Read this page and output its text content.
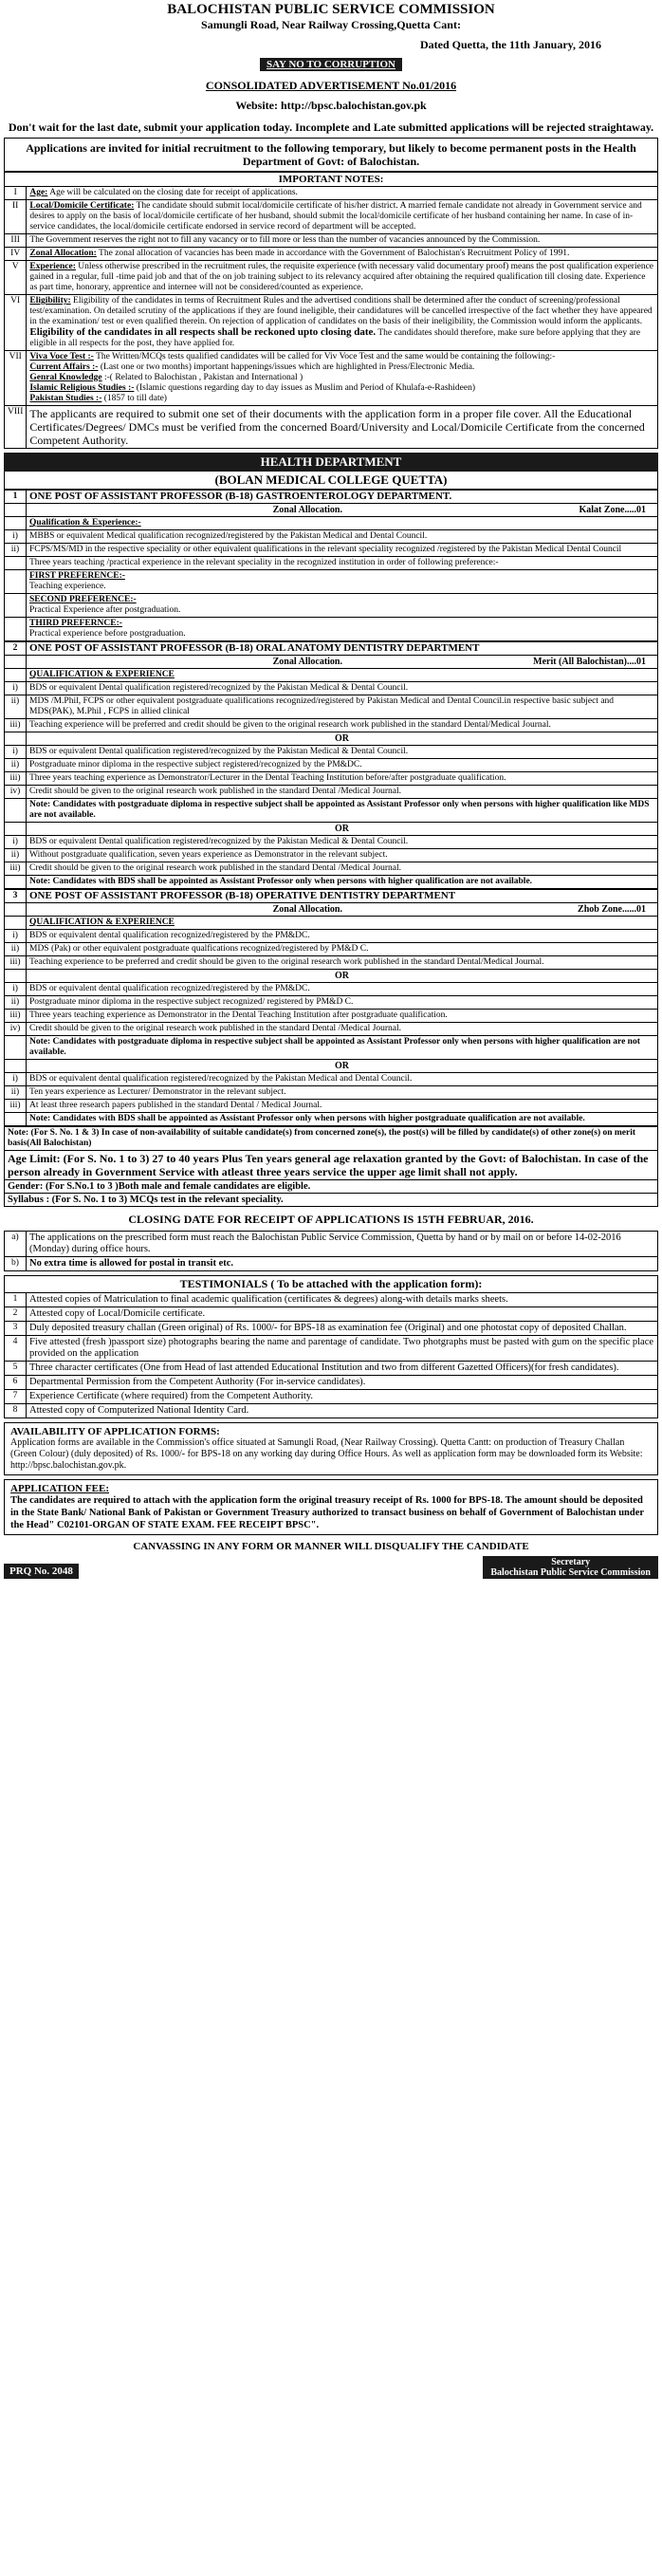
BALOCHISTAN PUBLIC SERVICE COMMISSION
Samungli Road, Near Railway Crossing,Quetta Cant:
Dated Quetta, the 11th January, 2016
SAY NO TO CORRUPTION
CONSOLIDATED ADVERTISEMENT No.01/2016
Website: http://bpsc.balochistan.gov.pk
Don't wait for the last date, submit your application today. Incomplete and Late submitted applications will be rejected straightaway.
Applications are invited for initial recruitment to the following temporary, but likely to become permanent posts in the Health Department of Govt: of Balochistan.
IMPORTANT NOTES:
I	Age: Age will be calculated on the closing date for receipt of applications.
II	Local/Domicile Certificate: The candidate should submit local/domicile certificate of his/her district. A married female candidate not already in Government service and desires to apply on the basis of local/domicile certificate of her husband, should submit the local/domicile certificate of her husband containing her name. In case of in-service candidates, the local/domicile certificate endorsed in service record of department will be accepted.
III	The Government reserves the right not to fill any vacancy or to fill more or less than the number of vacancies announced by the Commission.
IV	Zonal Allocation: The zonal allocation of vacancies has been made in accordance with the Government of Balochistan's Recruitment Policy of 1991.
V	Experience: Unless otherwise prescribed in the recruitment rules, the requisite experience (with necessary valid documentary proof) means the post qualification experience gained in a regular, full -time paid job and that of the on job training subject to its relevancy acquired after obtaining the required qualification till closing date. Experience as part time, honorary, apprentice and internee will not be considered/counted as experience.
VI	Eligibility: Eligibility of the candidates in terms of Recruitment Rules and the advertised conditions shall be determined after the conduct of screening/professional test/examination. On detailed scrutiny of the applications if they are found ineligible, their candidatures will be cancelled irrespective of the fact whether they have appeared in the examination/ test or even qualified therein. On rejection of application of candidates on the basis of their ineligibility, the Commission would inform the applicants. Eligibility of the candidates in all respects shall be reckoned upto closing date. The candidates should therefore, make sure before applying that they are eligible in all respects for the post, they have applied for.
VII	Viva Voce Test :- The Written/MCQs tests qualified candidates will be called for Viv Voce Test and the same would be containing the following:-
Current Affairs :- (Last one or two months) important happenings/issues which are highlighted in Press/Electronic Media.
Genral Knowledge :-( Related to Balochistan , Pakistan and International )
Islamic Religious Studies :- (Islamic questions regarding day to day issues as Muslim and Period of Khulafa-e-Rashideen)
Pakistan Studies :- (1857 to till date)

VIII	The applicants are required to submit one set of their documents with the application form in a proper file cover. All the Educational Certificates/Degrees/ DMCs must be verified from the concerned Board/University and Local/Domicile Certificate from the concerned Competent Authority.
HEALTH DEPARTMENT
(BOLAN MEDICAL COLLEGE QUETTA)
1	ONE POST OF ASSISTANT PROFESSOR (B-18) GASTROENTEROLOGY DEPARTMENT.
	Zonal Allocation. Kalat Zone.....01
	Qualification & Experience:-
i)	MBBS or equivalent Medical qualification recognized/registered by the Pakistan Medical and Dental Council.

ii)	FCPS/MS/MD in the respective speciality or other equivalent qualifications in the relevant speciality recognized /registered by the Pakistan Medical Dental Council

	Three years teaching /practical experience in the relevant speciality in the recognized institution in order of following preference:-

	FIRST PREFERENCE:-
Teaching experience.

	SECOND PREFERENCE:-
Practical Experience after postgraduation.

	THIRD PREFERNCE:-
Practical experience before postgraduation.
2	ONE POST OF ASSISTANT PROFESSOR (B-18) ORAL ANATOMY DENTISTRY DEPARTMENT
	Zonal Allocation. Merit (All Balochistan)....01
	QUALIFICATION & EXPERIENCE
i)	BDS or equivalent Dental qualification registered/recognized by the Pakistan Medical & Dental Council.

ii)	MDS /M.Phil, FCPS or other equivalent postgraduate qualifications recognized/registered by Pakistan Medical and Dental Council.in respective basic subject and MDS(PAK), M.Phil , FCPS in allied clinical

iii)	Teaching experience will be preferred and credit should be given to the original research work published in the standard Dental/Medical Journal.

	OR
i)	BDS or equivalent Dental qualification registered/recognized by the Pakistan Medical & Dental Council.

ii)	Postgraduate minor diploma in the respective subject registered/recognized by the PM&DC.

iii)	Three years teaching experience as Demonstrator/Lecturer in the Dental Teaching Institution before/after postgraduate qualification.

iv)	Credit should be given to the original research work published in the standard Dental /Medical Journal.

	Note: Candidates with postgraduate diploma in respective subject shall be appointed as Assistant Professor only when persons with higher qualification like MDS are not available.

	OR
i)	BDS or equivalent Dental qualification registered/recognized by the Pakistan Medical & Dental Council.

ii)	Without postgraduate qualification, seven years experience as Demonstrator in the relevant subject.

iii)	Credit should be given to the original research work published in the standard Dental /Medical Journal.

	Note: Candidates with BDS shall be appointed as Assistant Professor only when persons with higher qualification are not available.
3	ONE POST OF ASSISTANT PROFESSOR (B-18) OPERATIVE DENTISTRY DEPARTMENT
	Zonal Allocation. Zhob Zone......01
	QUALIFICATION & EXPERIENCE
i)	BDS or equivalent dental qualification recognized/registered by the PM&DC.

ii)	MDS (Pak) or other equivalent postgraduate qualfications recognized/registered by PM&D C.

iii)	Teaching experience to be preferred and credit should be given to the original research work published in the standard Dental/Medical Journal.

	OR
i)	BDS or equivalent dental qualification recognized/registered by the PM&DC.

ii)	Postgraduate minor diploma in the respective subject recognized/ registered by PM&D C.

iii)	Three years teaching experience as Demonstrator in the Dental Teaching Institution after postgraduate qualification.

iv)	Credit should be given to the original research work published in the standard Dental /Medical Journal.

	Note: Candidates with postgraduate diploma in respective subject shall be appointed as Assistant Professor only when persons with higher qualification are not available.

	OR
i)	BDS or equivalent dental qualification registered/recognized by the Pakistan Medical and Dental Council.

ii)	Ten years experience as Lecturer/ Demonstrator in the relevant subject.

iii)	At least three research papers published in the standard Dental / Medical Journal.

	Note: Candidates with BDS shall be appointed as Assistant Professor only when persons with higher postgraduate qualification are not available.
Note: (For S. No. 1 & 3) In case of non-availability of suitable candidate(s) from concerned zone(s), the post(s) will be filled by candidate(s) of other zone(s) on merit basis(All Balochistan)
Age Limit: (For S. No. 1 to 3) 27 to 40 years Plus Ten years general age relaxation granted by the Govt: of Balochistan. In case of the person already in Government Service with atleast three years service the upper age limit shall not apply.
Gender: (For S.No.1 to 3 )Both male and female candidates are eligible.
Syllabus : (For S. No. 1 to 3) MCQs test in the relevant speciality.
CLOSING DATE FOR RECEIPT OF APPLICATIONS IS 15TH FEBRUAR, 2016.
a)	The applications on the prescribed form must reach the Balochistan Public Service Commission, Quetta by hand or by mail on or before 14-02-2016 (Monday) during office hours.
b)	No extra time is allowed for postal in transit etc.
TESTIMONIALS ( To be attached with the application form):
1	Attested copies of Matriculation to final academic qualification (certificates & degrees) along-with details marks sheets.
2	Attested copy of Local/Domicile certificate.
3	Duly deposited treasury challan (Green original) of Rs. 1000/- for BPS-18 as examination fee (Original) and one photostat copy of deposited Challan.
4	Five attested (fresh )passport size) photographs bearing the name and parentage of candidate. Two photgraphs must be pasted with gum on the specific place provided on the application
5	Three character certificates (One from Head of last attended Educational Institution and two from different Gazetted Officers)(for fresh candidates).
6	Departmental Permission from the Competent Authority (For in-service candidates).
7	Experience Certificate (where required) from the Competent Authority.
8	Attested copy of Computerized National Identity Card.
AVAILABILITY OF APPLICATION FORMS:
Application forms are available in the Commission's office situated at Samungli Road, (Near Railway Crossing). Quetta Cantt: on production of Treasury Challan (Green Colour) (duly deposited) of Rs. 1000/- for BPS-18 on any working day during Office Hours. As well as application form may be downloaded form its Website: http://bpsc.balochistan.gov.pk.
APPLICATION FEE:
The candidates are required to attach with the application form the original treasury receipt of Rs. 1000 for BPS-18. The amount should be deposited in the State Bank/ National Bank of Pakistan or Government Treasury authorized to transact business on behalf of Government of Balochistan under the Head" C02101-ORGAN OF STATE EXAM. FEE RECEIPT BPSC".
CANVASSING IN ANY FORM OR MANNER WILL DISQUALIFY THE CANDIDATE
PRQ No. 2048
Secretary
Balochistan Public Service Commission
